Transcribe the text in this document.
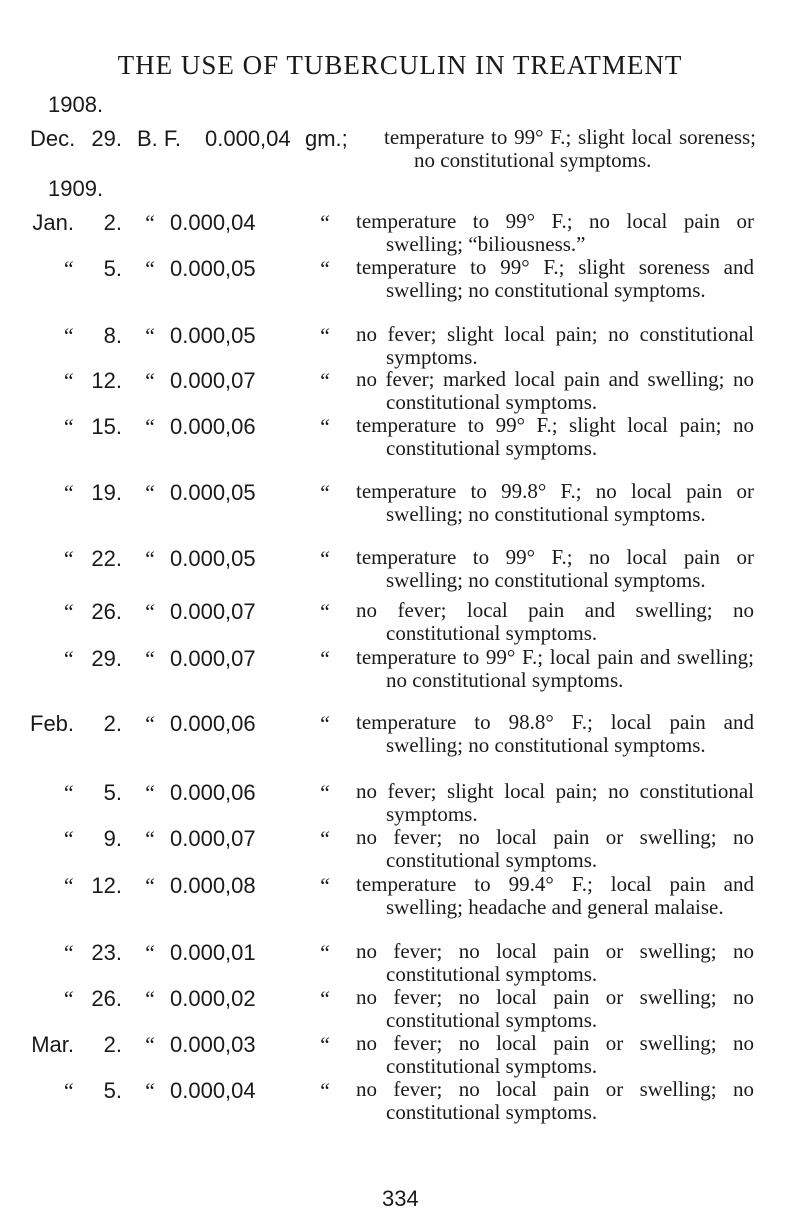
THE USE OF TUBERCULIN IN TREATMENT
1908.
Dec. 29. B. F. 0.000,04 gm.; temperature to 99° F.; slight local soreness; no constitutional symptoms.
1909.
Jan.	2. “ 0.000,04	“ temperature to 99° F.; no local pain or swelling; “biliousness.”
“	5. “ 0.000,05	“ temperature to 99° F.; slight soreness and swelling; no constitutional symptoms.
“	8. “ 0.000,05	“ no fever; slight local pain; no constitutional symptoms.
“ 12. “ 0.000,07	“ no fever; marked local pain and swelling; no constitutional symptoms.
“ 15. “ 0.000,06	“ temperature to 99° F.; slight local pain; no constitutional symptoms.
“ 19. “ 0.000,05	“ temperature to 99.8° F.; no local pain or swelling; no constitutional symptoms.
“ 22. “ 0.000,05	“ temperature to 99° F.; no local pain or swelling; no constitutional symptoms.
“ 26. “ 0.000,07	“ no fever; local pain and swelling; no constitutional symptoms.
“ 29. “ 0.000,07	“ temperature to 99° F.; local pain and swelling; no constitutional symptoms.
Feb.	2. “ 0.000,06	“ temperature to 98.8° F.; local pain and swelling; no constitutional symptoms.
“	5. “ 0.000,06	“ no fever; slight local pain; no constitutional symptoms.
“	9. “ 0.000,07	“ no fever; no local pain or swelling; no constitutional symptoms.
“ 12. “ 0.000,08	“ temperature to 99.4° F.; local pain and swelling; headache and general malaise.
“ 23. “ 0.000,01	“ no fever; no local pain or swelling; no constitutional symptoms.
“ 26. “ 0.000,02	“ no fever; no local pain or swelling; no constitutional symptoms.
Mar.	2. “ 0.000,03	“ no fever; no local pain or swelling; no constitutional symptoms.
“	5. “ 0.000,04	“ no fever; no local pain or swelling; no constitutional symptoms.
334
